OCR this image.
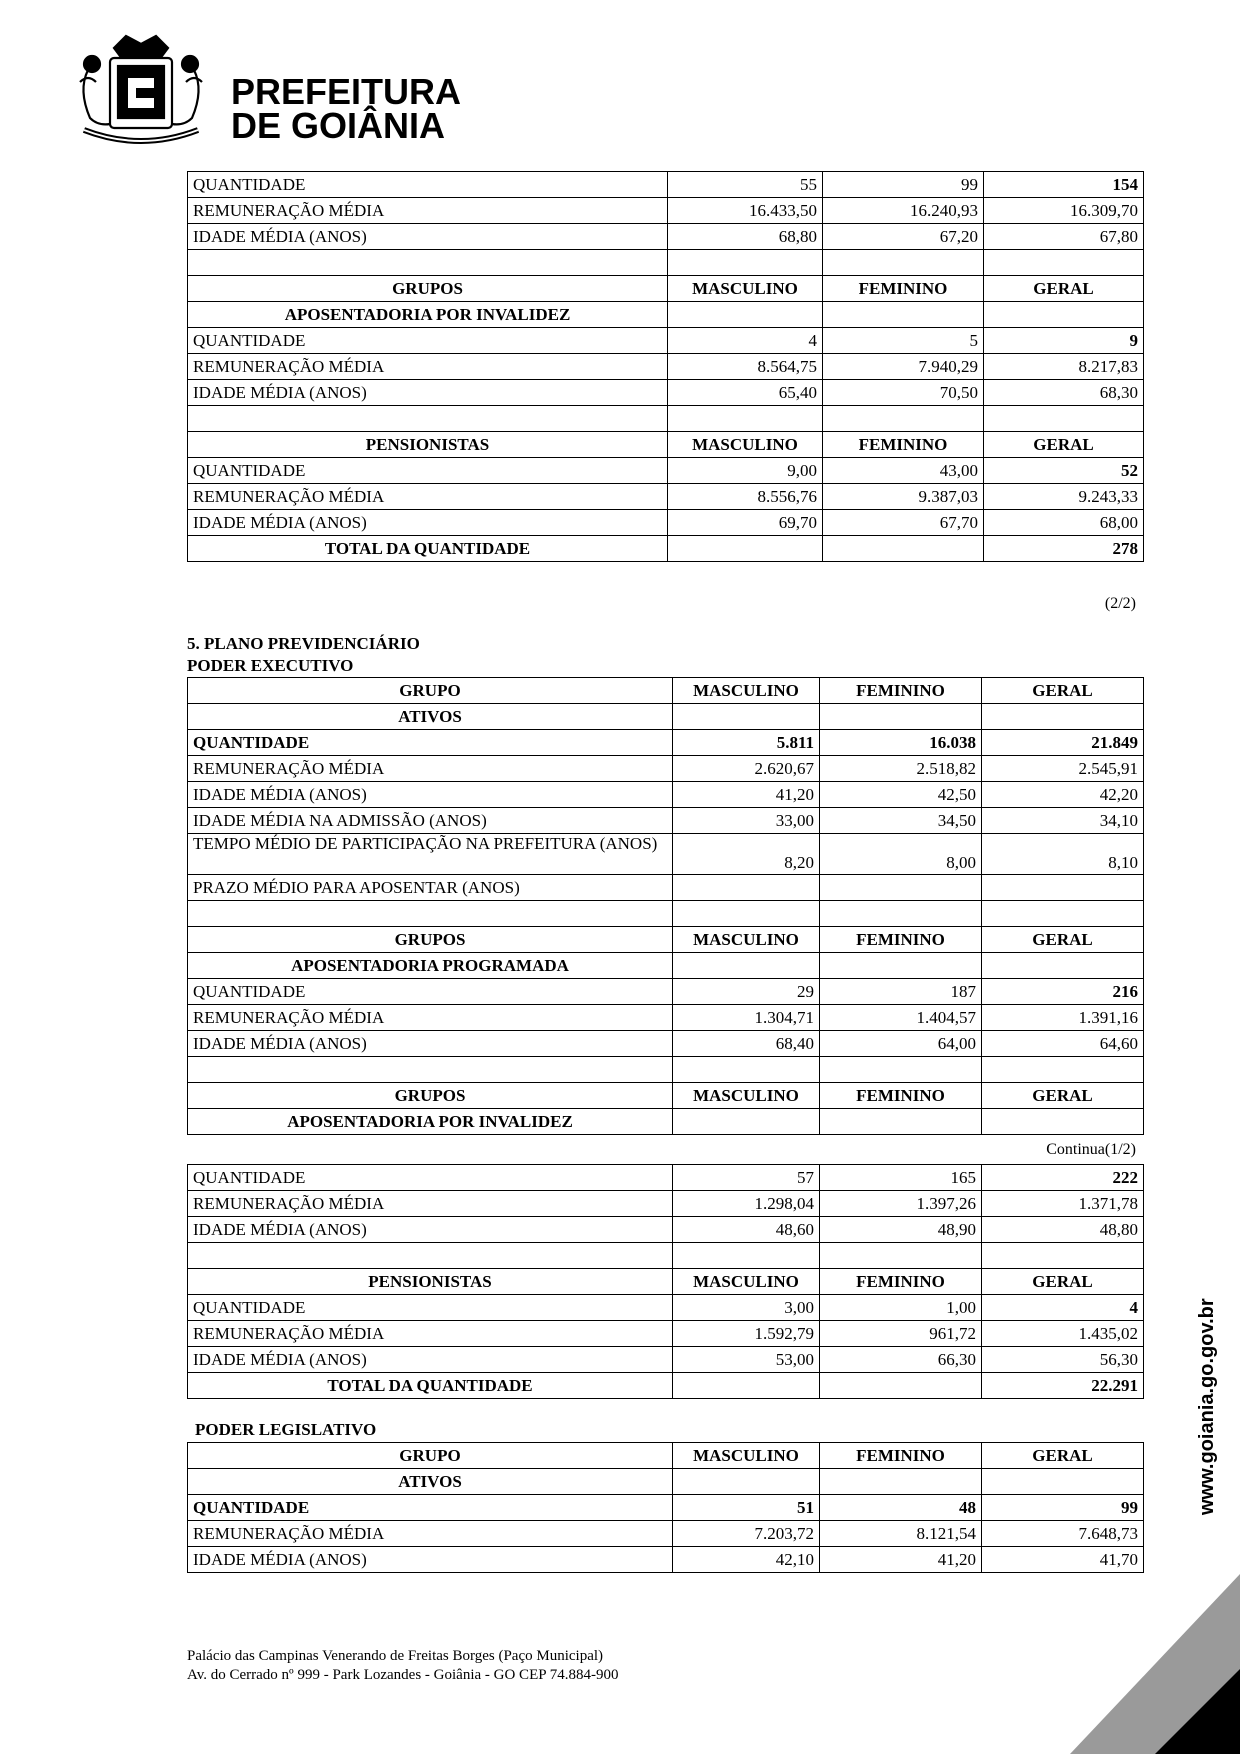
PREFEITURA
DE GOIÂNIA
QUANTIDADE	55	99	154
REMUNERAÇÃO MÉDIA	16.433,50	16.240,93	16.309,70
IDADE MÉDIA (ANOS)	68,80	67,20	67,80

GRUPOS	MASCULINO	FEMININO	GERAL
APOSENTADORIA POR INVALIDEZ			
QUANTIDADE	4	5	9
REMUNERAÇÃO MÉDIA	8.564,75	7.940,29	8.217,83
IDADE MÉDIA (ANOS)	65,40	70,50	68,30

PENSIONISTAS	MASCULINO	FEMININO	GERAL
QUANTIDADE	9,00	43,00	52
REMUNERAÇÃO MÉDIA	8.556,76	9.387,03	9.243,33
IDADE MÉDIA (ANOS)	69,70	67,70	68,00
TOTAL DA QUANTIDADE			278
(2/2)
5. PLANO PREVIDENCIÁRIO
PODER EXECUTIVO
GRUPO	MASCULINO	FEMININO	GERAL
ATIVOS			
QUANTIDADE	5.811	16.038	21.849
REMUNERAÇÃO MÉDIA	2.620,67	2.518,82	2.545,91
IDADE MÉDIA (ANOS)	41,20	42,50	42,20
IDADE MÉDIA NA ADMISSÃO (ANOS)	33,00	34,50	34,10
TEMPO MÉDIO DE PARTICIPAÇÃO NA PREFEITURA (ANOS)	8,20	8,00	8,10
PRAZO MÉDIO PARA APOSENTAR (ANOS)			

GRUPOS	MASCULINO	FEMININO	GERAL
APOSENTADORIA PROGRAMADA			
QUANTIDADE	29	187	216
REMUNERAÇÃO MÉDIA	1.304,71	1.404,57	1.391,16
IDADE MÉDIA (ANOS)	68,40	64,00	64,60

GRUPOS	MASCULINO	FEMININO	GERAL
APOSENTADORIA POR INVALIDEZ			
Continua(1/2)
QUANTIDADE	57	165	222
REMUNERAÇÃO MÉDIA	1.298,04	1.397,26	1.371,78
IDADE MÉDIA (ANOS)	48,60	48,90	48,80

PENSIONISTAS	MASCULINO	FEMININO	GERAL
QUANTIDADE	3,00	1,00	4
REMUNERAÇÃO MÉDIA	1.592,79	961,72	1.435,02
IDADE MÉDIA (ANOS)	53,00	66,30	56,30
TOTAL DA QUANTIDADE			22.291
PODER LEGISLATIVO
GRUPO	MASCULINO	FEMININO	GERAL
ATIVOS			
QUANTIDADE	51	48	99
REMUNERAÇÃO MÉDIA	7.203,72	8.121,54	7.648,73
IDADE MÉDIA (ANOS)	42,10	41,20	41,70
Palácio das Campinas Venerando de Freitas Borges (Paço Municipal)
Av. do Cerrado nº 999 - Park Lozandes - Goiânia - GO CEP 74.884-900
www.goiania.go.gov.br
